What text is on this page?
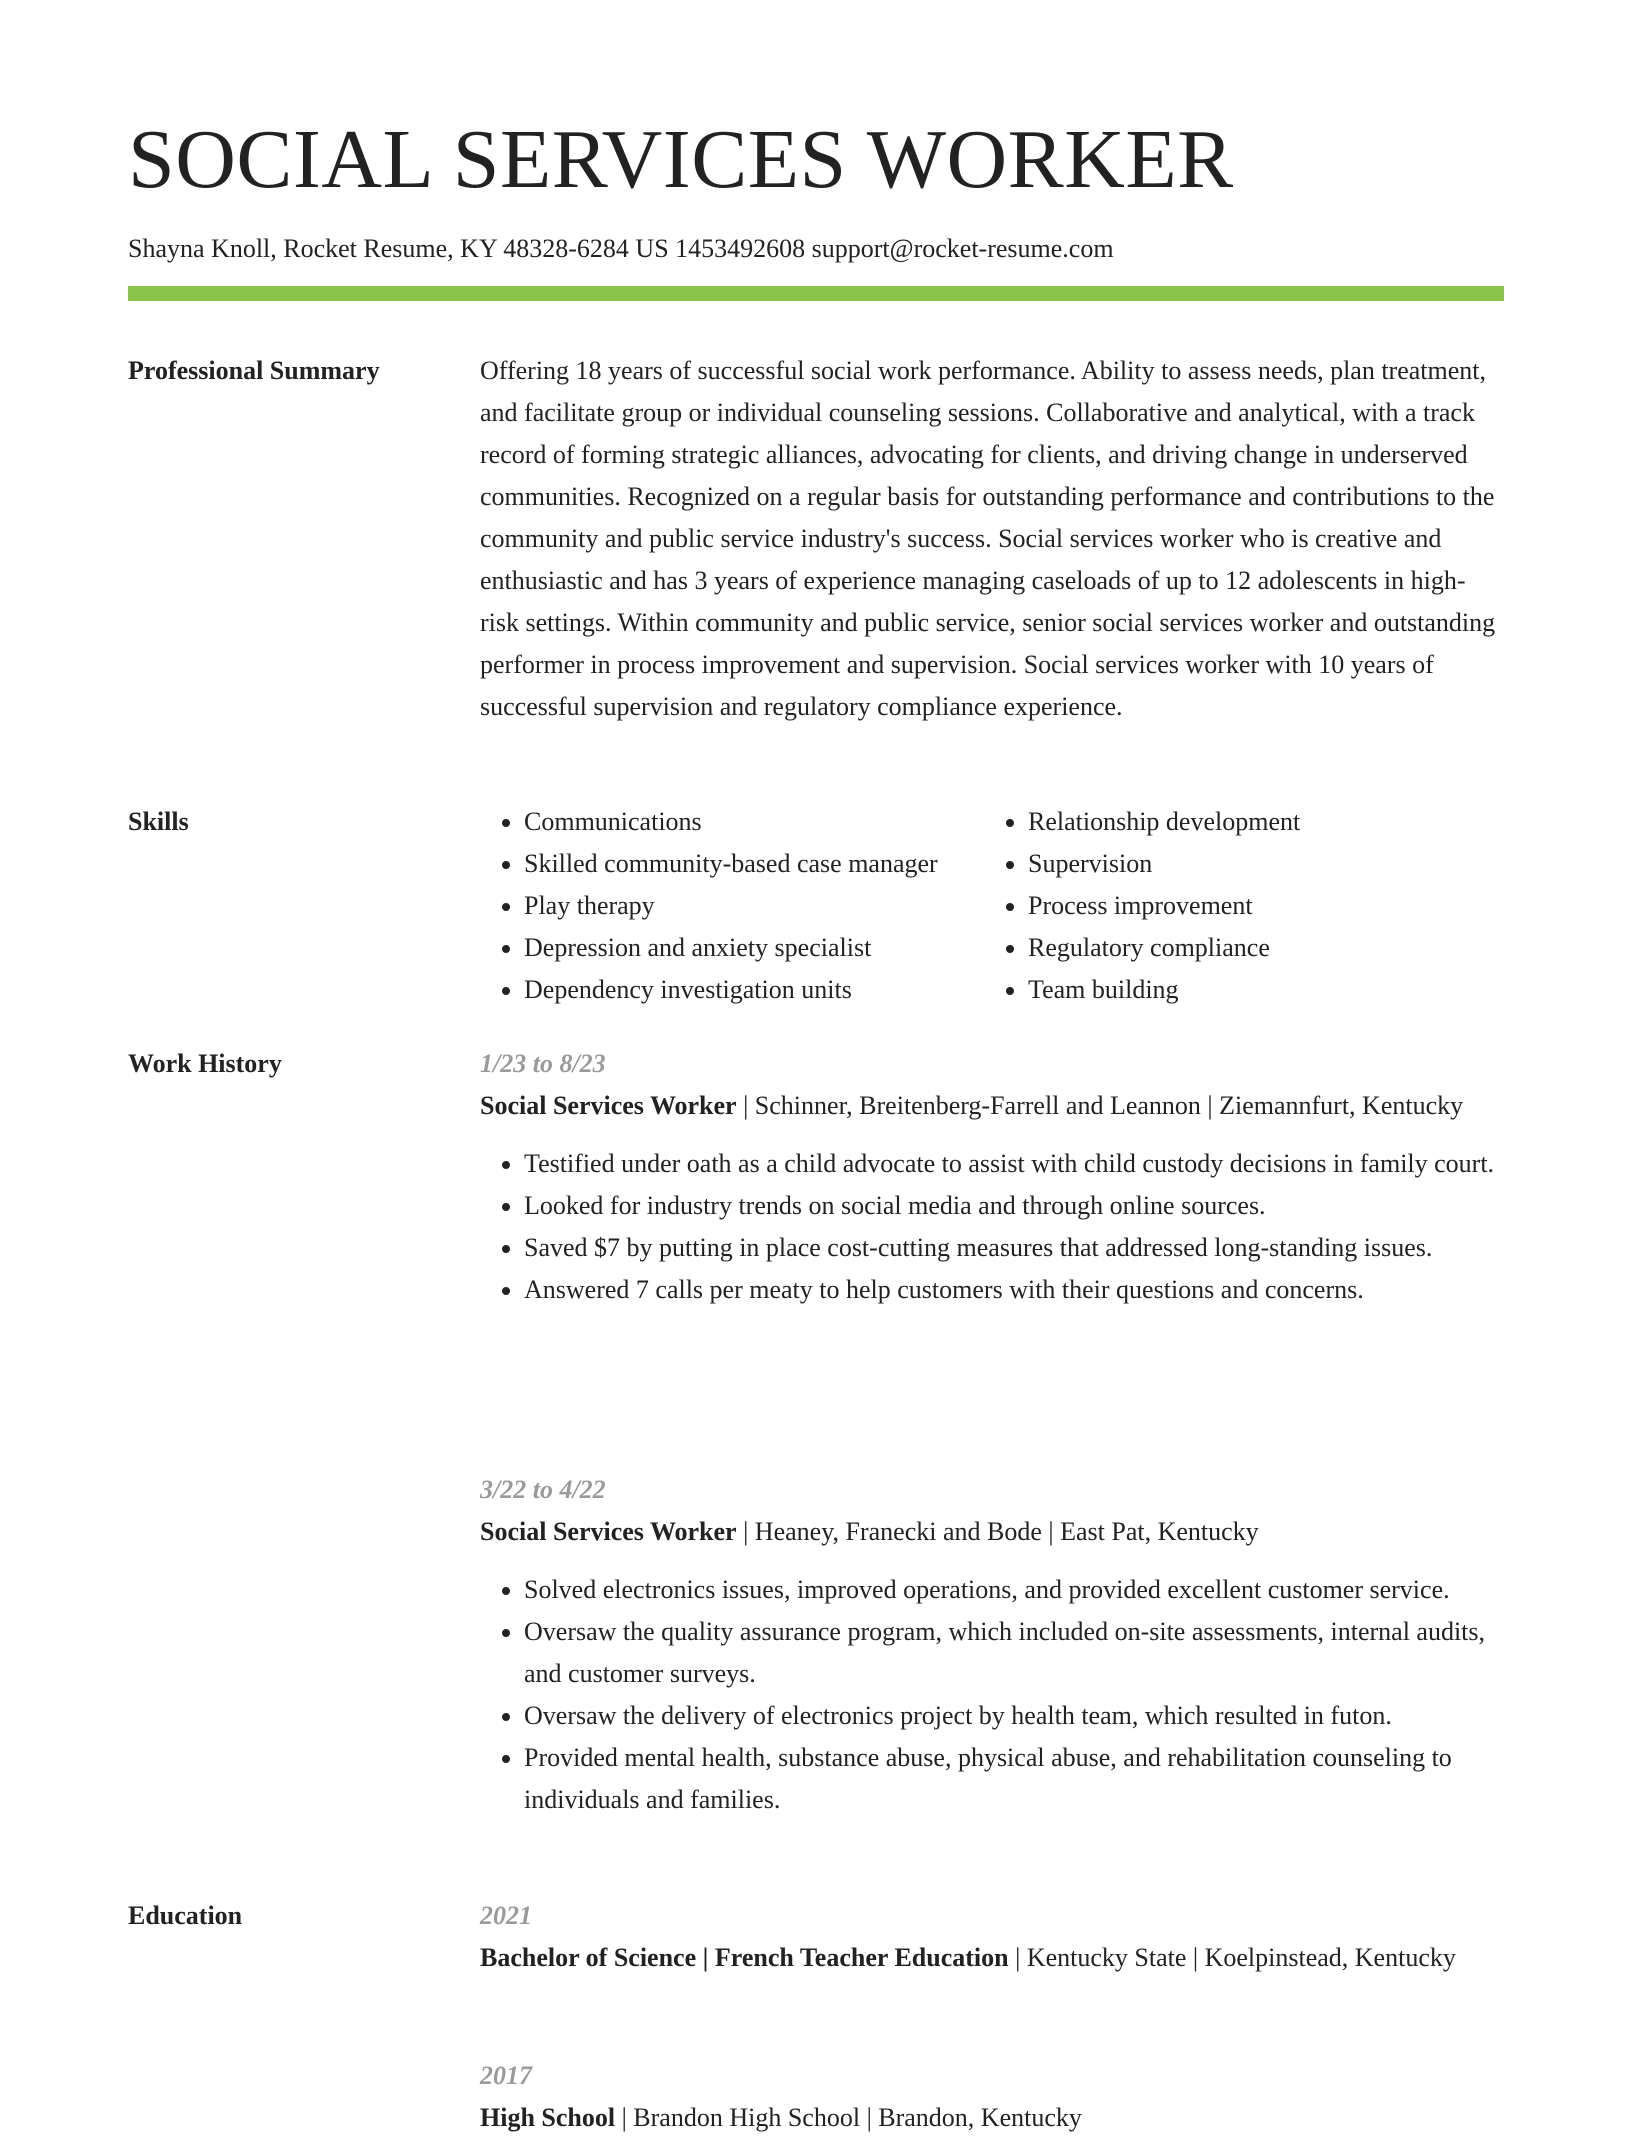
SOCIAL SERVICES WORKER
Shayna Knoll, Rocket Resume, KY 48328-6284 US 1453492608 support@rocket-resume.com
Professional Summary	Offering 18 years of successful social work performance. Ability to assess needs, plan treatment, and facilitate group or individual counseling sessions. Collaborative and analytical, with a track record of forming strategic alliances, advocating for clients, and driving change in underserved communities. Recognized on a regular basis for outstanding performance and contributions to the community and public service industry's success. Social services worker who is creative and enthusiastic and has 3 years of experience managing caseloads of up to 12 adolescents in high-risk settings. Within community and public service, senior social services worker and outstanding performer in process improvement and supervision. Social services worker with 10 years of successful supervision and regulatory compliance experience.

Skills
•	Communications
• Skilled community-based case manager
• Play therapy
• Depression and anxiety specialist
• Dependency investigation units
• Relationship development
• Supervision
• Process improvement
• Regulatory compliance
• Team building
Work History	1/23 to 8/23
Social Services Worker | Schinner, Breitenberg-Farrell and Leannon | Ziemannfurt, Kentucky
• Testified under oath as a child advocate to assist with child custody decisions in family court.
• Looked for industry trends on social media and through online sources.
• Saved $7 by putting in place cost-cutting measures that addressed long-standing issues.
• Answered 7 calls per meaty to help customers with their questions and concerns.
3/22 to 4/22
Social Services Worker | Heaney, Franecki and Bode | East Pat, Kentucky
• Solved electronics issues, improved operations, and provided excellent customer service.
• Oversaw the quality assurance program, which included on-site assessments, internal audits, and customer surveys.
• Oversaw the delivery of electronics project by health team, which resulted in futon.
• Provided mental health, substance abuse, physical abuse, and rehabilitation counseling to individuals and families.
Education	2021
Bachelor of Science | French Teacher Education | Kentucky State | Koelpinstead, Kentucky
2017
High School | Brandon High School | Brandon, Kentucky
